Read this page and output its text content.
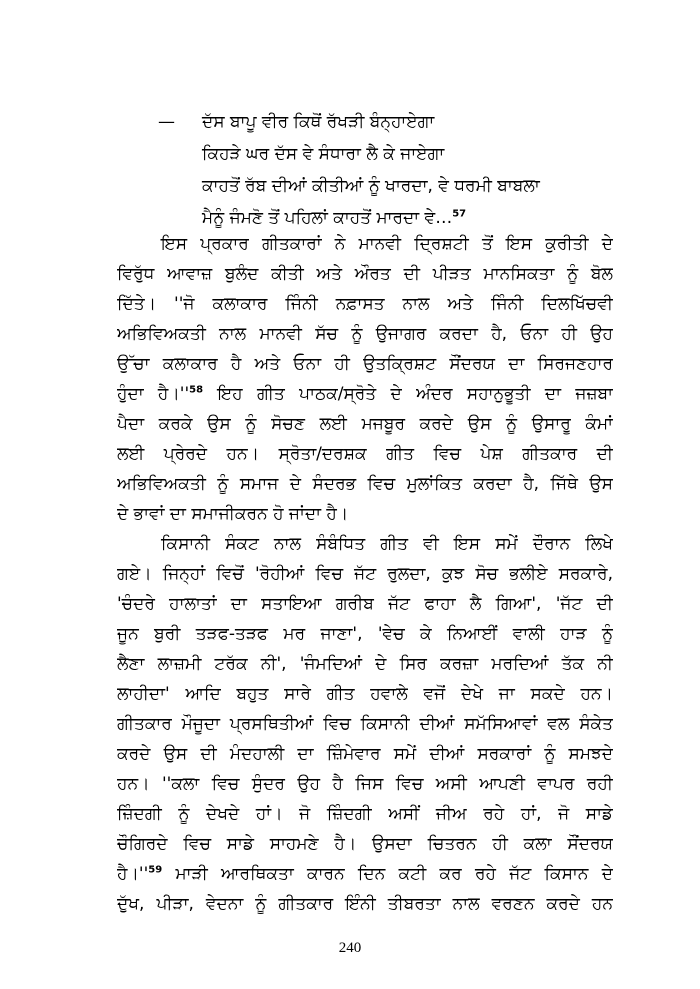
—	ਦੱਸ ਬਾਪੂ ਵੀਰ ਕਿਥੋਂ ਰੱਖੜੀ ਬੰਨ੍ਹਾਏਗਾ
ਕਿਹੜੇ ਘਰ ਦੱਸ ਵੇ ਸੰਧਾਰਾ ਲੈ ਕੇ ਜਾਏਗਾ
ਕਾਹਤੋਂ ਰੱਬ ਦੀਆਂ ਕੀਤੀਆਂ ਨੂੰ ਖਾਰਦਾ, ਵੇ ਧਰਮੀ ਬਾਬਲਾ
ਮੈਨੂੰ ਜੰਮਣੋ ਤੋਂ ਪਹਿਲਾਂ ਕਾਹਤੋਂ ਮਾਰਦਾ ਵੇ…$^{57}$
ਇਸ ਪ੍ਰਕਾਰ ਗੀਤਕਾਰਾਂ ਨੇ ਮਾਨਵੀ ਦ੍ਰਿਸ਼ਟੀ ਤੋਂ ਇਸ ਕੁਰੀਤੀ ਦੇ
ਵਿਰੁੱਧ ਆਵਾਜ਼ ਬੁਲੰਦ ਕੀਤੀ ਅਤੇ ਔਰਤ ਦੀ ਪੀੜਤ ਮਾਨਸਿਕਤਾ ਨੂੰ ਬੋਲ
ਦਿੱਤੇ। ''ਜੋ ਕਲਾਕਾਰ ਜਿੰਨੀ ਨਫ਼ਾਸਤ ਨਾਲ ਅਤੇ ਜਿੰਨੀ ਦਿਲਖਿੱਚਵੀ
ਅਭਿਵਿਅਕਤੀ ਨਾਲ ਮਾਨਵੀ ਸੱਚ ਨੂੰ ਉਜਾਗਰ ਕਰਦਾ ਹੈ, ਓਨਾ ਹੀ ਉਹ
ਉੱਚਾ ਕਲਾਕਾਰ ਹੈ ਅਤੇ ਓਨਾ ਹੀ ਉਤਕ੍ਰਿਸ਼ਟ ਸੌਂਦਰਯ ਦਾ ਸਿਰਜਣਹਾਰ
ਹੁੰਦਾ $ਹੈ।''^{58}$ ਇਹ ਗੀਤ ਪਾਠਕ/ਸ੍ਰੋਤੇ ਦੇ ਅੰਦਰ ਸਹਾਨੁਭੂਤੀ ਦਾ ਜਜ਼ਬਾ
ਪੈਦਾ ਕਰਕੇ ਉਸ ਨੂੰ ਸੋਚਣ ਲਈ ਮਜਬੂਰ ਕਰਦੇ ਉਸ ਨੂੰ ਉਸਾਰੂ ਕੰਮਾਂ
ਲਈ ਪ੍ਰੇਰਦੇ ਹਨ। ਸ੍ਰੋਤਾ/ਦਰਸ਼ਕ ਗੀਤ ਵਿਚ ਪੇਸ਼ ਗੀਤਕਾਰ ਦੀ
ਅਭਿਵਿਅਕਤੀ ਨੂੰ ਸਮਾਜ ਦੇ ਸੰਦਰਭ ਵਿਚ ਮੁਲਾਂਕਿਤ ਕਰਦਾ ਹੈ, ਜਿੱਥੇ ਉਸ
ਦੇ ਭਾਵਾਂ ਦਾ ਸਮਾਜੀਕਰਨ ਹੋ ਜਾਂਦਾ ਹੈ।
ਕਿਸਾਨੀ ਸੰਕਟ ਨਾਲ ਸੰਬੰਧਿਤ ਗੀਤ ਵੀ ਇਸ ਸਮੇਂ ਦੌਰਾਨ ਲਿਖੇ
ਗਏ। ਜਿਨ੍ਹਾਂ ਵਿਚੋਂ 'ਰੋਹੀਆਂ ਵਿਚ ਜੱਟ ਰੁਲਦਾ, ਕੁਝ ਸੋਚ ਭਲੀਏ ਸਰਕਾਰੇ,
'ਚੰਦਰੇ ਹਾਲਾਤਾਂ ਦਾ ਸਤਾਇਆ ਗਰੀਬ ਜੱਟ ਫਾਹਾ ਲੈ ਗਿਆ', 'ਜੱਟ ਦੀ
ਜੂਨ ਬੁਰੀ ਤੜਫ-ਤੜਫ ਮਰ ਜਾਣਾ', 'ਵੇਚ ਕੇ ਨਿਆਈਂ ਵਾਲੀ ਹਾੜ ਨੂੰ
ਲੈਣਾ ਲਾਜ਼ਮੀ ਟਰੱਕ ਨੀ', 'ਜੰਮਦਿਆਂ ਦੇ ਸਿਰ ਕਰਜ਼ਾ ਮਰਦਿਆਂ ਤੱਕ ਨੀ
ਲਾਹੀਦਾ' ਆਦਿ ਬਹੁਤ ਸਾਰੇ ਗੀਤ ਹਵਾਲੇ ਵਜੋਂ ਦੇਖੇ ਜਾ ਸਕਦੇ ਹਨ।
ਗੀਤਕਾਰ ਮੌਜੂਦਾ ਪ੍ਰਸਥਿਤੀਆਂ ਵਿਚ ਕਿਸਾਨੀ ਦੀਆਂ ਸਮੱਸਿਆਵਾਂ ਵਲ ਸੰਕੇਤ
ਕਰਦੇ ਉਸ ਦੀ ਮੰਦਹਾਲੀ ਦਾ ਜ਼ਿੰਮੇਵਾਰ ਸਮੇਂ ਦੀਆਂ ਸਰਕਾਰਾਂ ਨੂੰ ਸਮਝਦੇ
ਹਨ। ''ਕਲਾ ਵਿਚ ਸੁੰਦਰ ਉਹ ਹੈ ਜਿਸ ਵਿਚ ਅਸੀ ਆਪਣੀ ਵਾਪਰ ਰਹੀ
ਜ਼ਿੰਦਗੀ ਨੂੰ ਦੇਖਦੇ ਹਾਂ। ਜੋ ਜ਼ਿੰਦਗੀ ਅਸੀਂ ਜੀਅ ਰਹੇ ਹਾਂ, ਜੋ ਸਾਡੇ
ਚੌਗਿਰਦੇ ਵਿਚ ਸਾਡੇ ਸਾਹਮਣੇ ਹੈ। ਉਸਦਾ ਚਿਤਰਨ ਹੀ ਕਲਾ ਸੌਂਦਰਯ
$ਹੈ।''^{59}$ ਮਾੜੀ ਆਰਥਿਕਤਾ ਕਾਰਨ ਦਿਨ ਕਟੀ ਕਰ ਰਹੇ ਜੱਟ ਕਿਸਾਨ ਦੇ
ਦੁੱਖ, ਪੀੜਾ, ਵੇਦਨਾ ਨੂੰ ਗੀਤਕਾਰ ਇੰਨੀ ਤੀਬਰਤਾ ਨਾਲ ਵਰਣਨ ਕਰਦੇ ਹਨ
240
